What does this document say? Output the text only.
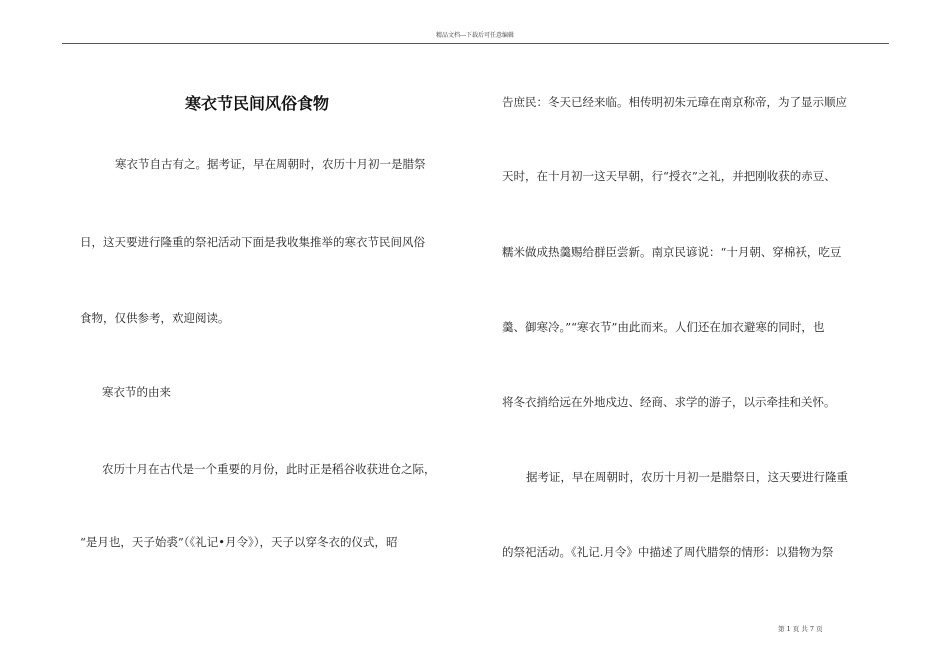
精品文档---下载后可任意编辑
寒衣节民间风俗食物
寒衣节自古有之。据考证，早在周朝时，农历十月初一是腊祭
日，这天要进行隆重的祭祀活动下面是我收集推举的寒衣节民间风俗
食物，仅供参考，欢迎阅读。
寒衣节的由来
农历十月在古代是一个重要的月份，此时正是稻谷收获进仓之际，
“是月也，天子始裘”（《礼记•月令》），天子以穿冬衣的仪式，昭
告庶民：冬天已经来临。相传明初朱元璋在南京称帝，为了显示顺应
天时，在十月初一这天早朝，行“授衣”之礼，并把刚收获的赤豆、
糯米做成热羹赐给群臣尝新。南京民谚说：“十月朝、穿棉袄，吃豆
羹、御寒冷。”“寒衣节”由此而来。人们还在加衣避寒的同时，也
将冬衣捎给远在外地戍边、经商、求学的游子，以示牵挂和关怀。
据考证，早在周朝时，农历十月初一是腊祭日，这天要进行隆重
的祭祀活动。《礼记.月令》中描述了周代腊祭的情形：以猎物为祭
第 1 页 共 7 页
